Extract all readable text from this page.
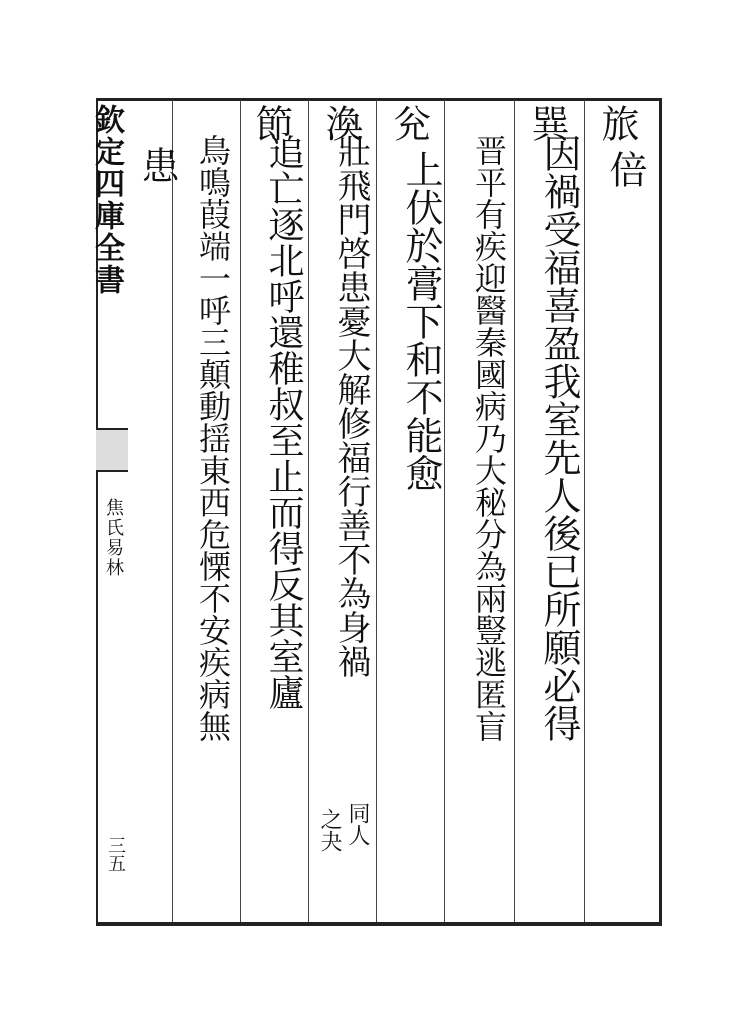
欽定四庫全書
焦氏易林
三五
倍
旅
因禍受福喜盈我室先人後已所願必得
巽
晋平有疾迎醫秦國病乃大秘分為兩豎逃匿盲
上伏於膏下和不能愈
兊
壯飛門啓患憂大解修福行善不為身禍
同人
之夬
渙
追亡逐北呼還稚叔至止而得反其室廬
節
鳥鳴葭端一呼三顛動揺東西危慄不安疾病無
患
